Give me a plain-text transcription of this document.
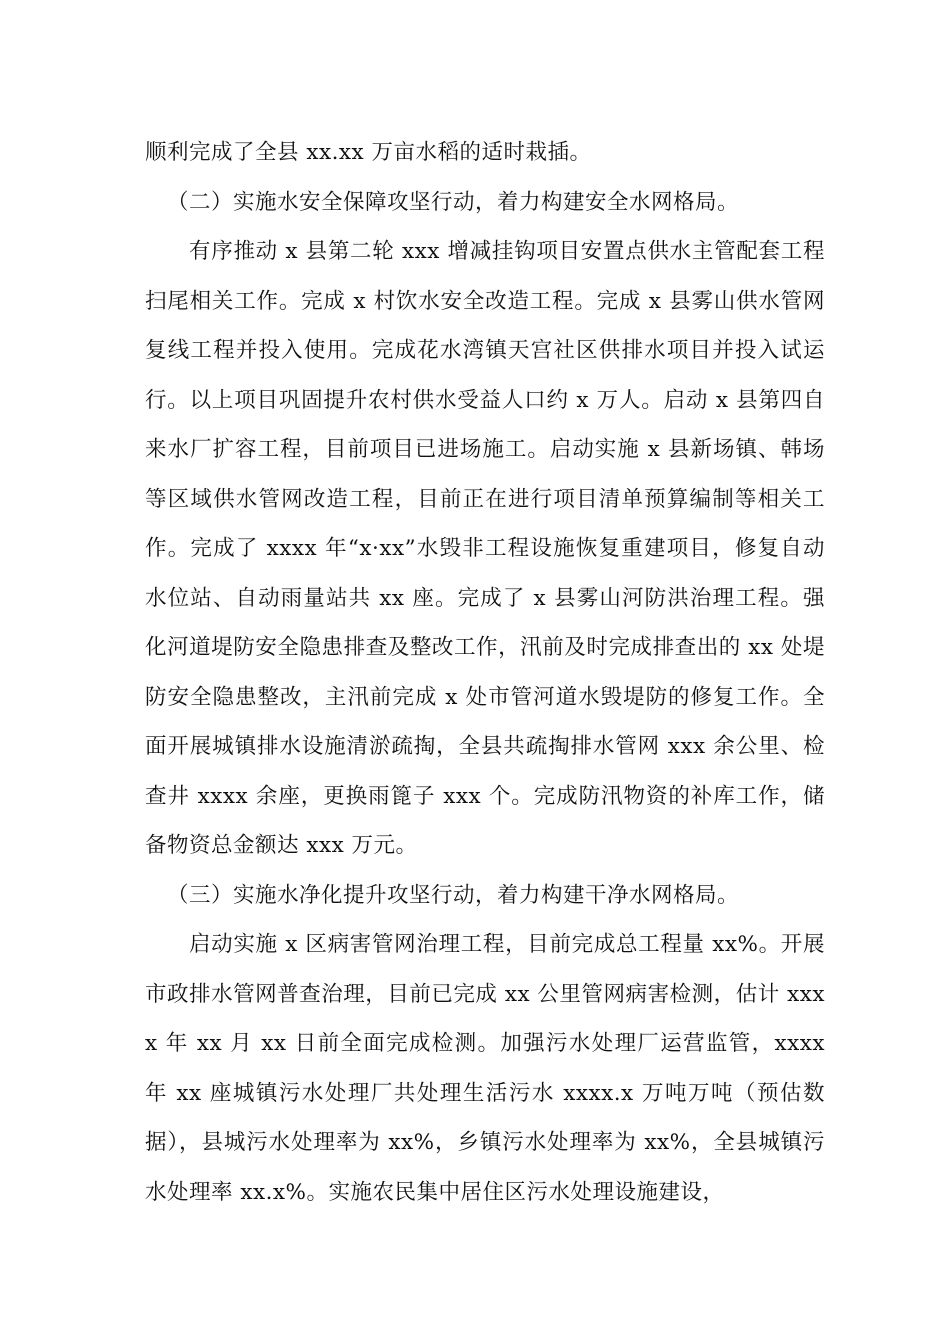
顺利完成了全县 xx.xx 万亩水稻的适时栽插。

（二）实施水安全保障攻坚行动，着力构建安全水网格局。

有序推动 x 县第二轮 xxx 增减挂钩项目安置点供水主管配套工程扫尾相关工作。完成 x 村饮水安全改造工程。完成 x 县雾山供水管网复线工程并投入使用。完成花水湾镇天宫社区供排水项目并投入试运行。以上项目巩固提升农村供水受益人口约 x 万人。启动 x 县第四自来水厂扩容工程，目前项目已进场施工。启动实施 x 县新场镇、韩场等区域供水管网改造工程，目前正在进行项目清单预算编制等相关工作。完成了 xxxx 年“x·xx”水毁非工程设施恢复重建项目，修复自动水位站、自动雨量站共 xx 座。完成了 x 县雾山河防洪治理工程。强化河道堤防安全隐患排查及整改工作，汛前及时完成排查出的 xx 处堤防安全隐患整改，主汛前完成 x 处市管河道水毁堤防的修复工作。全面开展城镇排水设施清淤疏掏，全县共疏掏排水管网 xxx 余公里、检查井 xxxx 余座，更换雨篦子 xxx 个。完成防汛物资的补库工作，储备物资总金额达 xxx 万元。

（三）实施水净化提升攻坚行动，着力构建干净水网格局。

启动实施 x 区病害管网治理工程，目前完成总工程量 xx%。开展市政排水管网普查治理，目前已完成 xx 公里管网病害检测，估计 xxxx 年 xx 月 xx 日前全面完成检测。加强污水处理厂运营监管，xxxx 年 xx 座城镇污水处理厂共处理生活污水 xxxx.x 万吨万吨（预估数据），县城污水处理率为 xx%，乡镇污水处理率为 xx%，全县城镇污水处理率 xx.x%。实施农民集中居住区污水处理设施建设，
